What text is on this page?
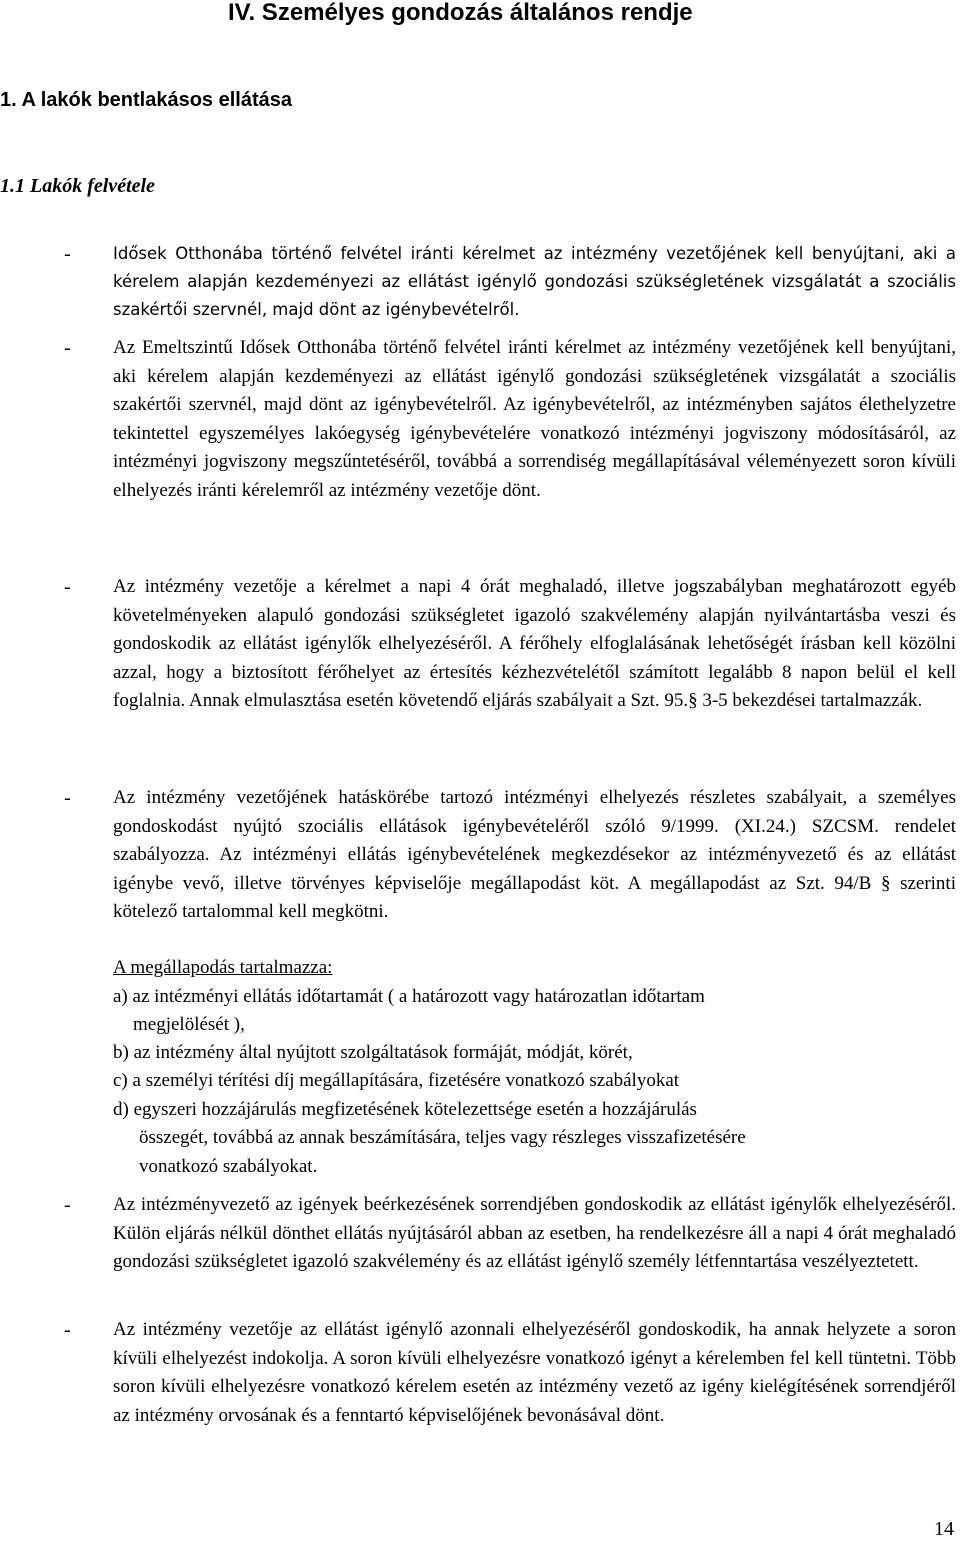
IV. Személyes gondozás általános rendje
1. A lakók bentlakásos ellátása
1.1 Lakók felvétele
-	Idősek Otthonába történő felvétel iránti kérelmet az intézmény vezetőjének kell benyújtani, aki a kérelem alapján kezdeményezi az ellátást igénylő gondozási szükségletének vizsgálatát a szociális szakértői szervnél, majd dönt az igénybevételről.

- Az Emeltszintű Idősek Otthonába történő felvétel iránti kérelmet az intézmény vezetőjének kell benyújtani, aki kérelem alapján kezdeményezi az ellátást igénylő gondozási szükségletének vizsgálatát a szociális szakértői szervnél, majd dönt az igénybevételről. Az igénybevételről, az intézményben sajátos élethelyzetre tekintettel egyszemélyes lakóegység igénybevételére vonatkozó intézményi jogviszony módosításáról, az intézményi jogviszony megszűntetéséről, továbbá a sorrendiség megállapításával véleményezett soron kívüli elhelyezés iránti kérelemről az intézmény vezetője dönt.

- Az intézmény vezetője a kérelmet a napi 4 órát meghaladó, illetve jogszabályban meghatározott egyéb követelményeken alapuló gondozási szükségletet igazoló szakvélemény alapján nyilvántartásba veszi és gondoskodik az ellátást igénylők elhelyezéséről. A férőhely elfoglalásának lehetőségét írásban kell közölni azzal, hogy a biztosított férőhelyet az értesítés kézhezvételétől számított legalább 8 napon belül el kell foglalnia. Annak elmulasztása esetén követendő eljárás szabályait a Szt. 95.§ 3-5 bekezdései tartalmazzák.

- Az intézmény vezetőjének hatáskörébe tartozó intézményi elhelyezés részletes szabályait, a személyes gondoskodást nyújtó szociális ellátások igénybevételéről szóló 9/1999. (XI.24.) SZCSM. rendelet szabályozza. Az intézményi ellátás igénybevételének megkezdésekor az intézményvezető és az ellátást igénybe vevő, illetve törvényes képviselője megállapodást köt. A megállapodást az Szt. 94/B § szerinti kötelező tartalommal kell megkötni.

A megállapodás tartalmazza:

a) az intézményi ellátás időtartamát ( a határozott vagy határozatlan időtartam

megjelölését ),

b) az intézmény által nyújtott szolgáltatások formáját, módját, körét,

c) a személyi térítési díj megállapítására, fizetésére vonatkozó szabályokat

d) egyszeri hozzájárulás megfizetésének kötelezettsége esetén a hozzájárulás

összegét, továbbá az annak beszámítására, teljes vagy részleges visszafizetésére

vonatkozó szabályokat.

- Az intézményvezető az igények beérkezésének sorrendjében gondoskodik az ellátást igénylők elhelyezéséről. Külön eljárás nélkül dönthet ellátás nyújtásáról abban az esetben, ha rendelkezésre áll a napi 4 órát meghaladó gondozási szükségletet igazoló szakvélemény és az ellátást igénylő személy létfenntartása veszélyeztetett.

- Az intézmény vezetője az ellátást igénylő azonnali elhelyezéséről gondoskodik, ha annak helyzete a soron kívüli elhelyezést indokolja. A soron kívüli elhelyezésre vonatkozó igényt a kérelemben fel kell tüntetni. Több soron kívüli elhelyezésre vonatkozó kérelem esetén az intézmény vezető az igény kielégítésének sorrendjéről az intézmény orvosának és a fenntartó képviselőjének bevonásával dönt.

14
